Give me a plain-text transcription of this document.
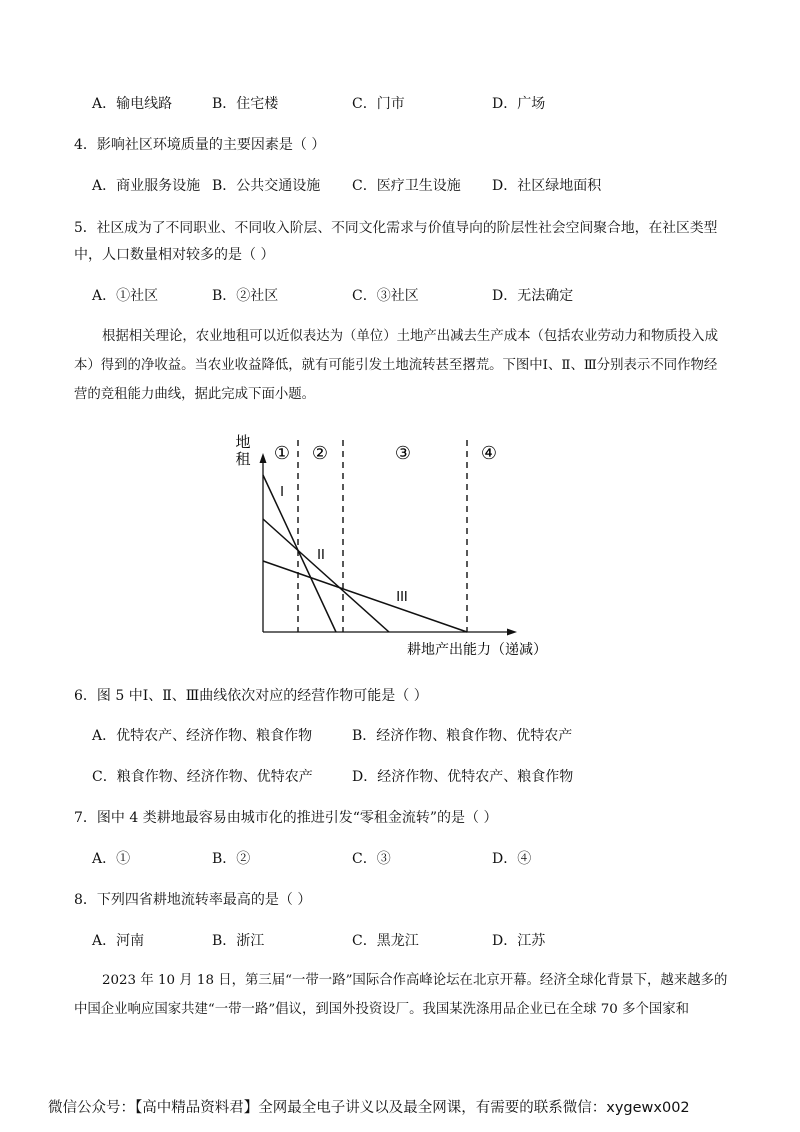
A．输电线路	B．住宅楼	C．门市	D．广场
4．影响社区环境质量的主要因素是（ ）
A．商业服务设施 B．公共交通设施 C．医疗卫生设施 D．社区绿地面积
5．社区成为了不同职业、不同收入阶层、不同文化需求与价值导向的阶层性社会空间聚合地，在社区类型
中，人口数量相对较多的是（ ）
A．①社区	B．②社区	C．③社区	D．无法确定
根据相关理论，农业地租可以近似表达为（单位）土地产出减去生产成本（包括农业劳动力和物质投入成本）得到的净收益。当农业收益降低，就有可能引发土地流转甚至撂荒。下图中Ⅰ、Ⅱ、Ⅲ分别表示不同作物经营的竞租能力曲线，据此完成下面小题。
地
租
耕地产出能力（递减）
① ②	③	④
I
II
III
6．图 5 中Ⅰ、Ⅱ、Ⅲ曲线依次对应的经营作物可能是（ ）
A．优特农产、经济作物、粮食作物	B．经济作物、粮食作物、优特农产
C．粮食作物、经济作物、优特农产	D．经济作物、优特农产、粮食作物
7．图中 4 类耕地最容易由城市化的推进引发“零租金流转”的是（ ）
A．①	B．②	C．③	D．④
8．下列四省耕地流转率最高的是（ ）
A．河南	B．浙江	C．黑龙江	D．江苏
2023 年 10 月 18 日，第三届“一带一路”国际合作高峰论坛在北京开幕。经济全球化背景下，越来越多的中国企业响应国家共建“一带一路”倡议，到国外投资设厂。我国某洗涤用品企业已在全球 70 多个国家和
微信公众号：【高中精品资料君】全网最全电子讲义以及最全网课，有需要的联系微信：xygewx002
